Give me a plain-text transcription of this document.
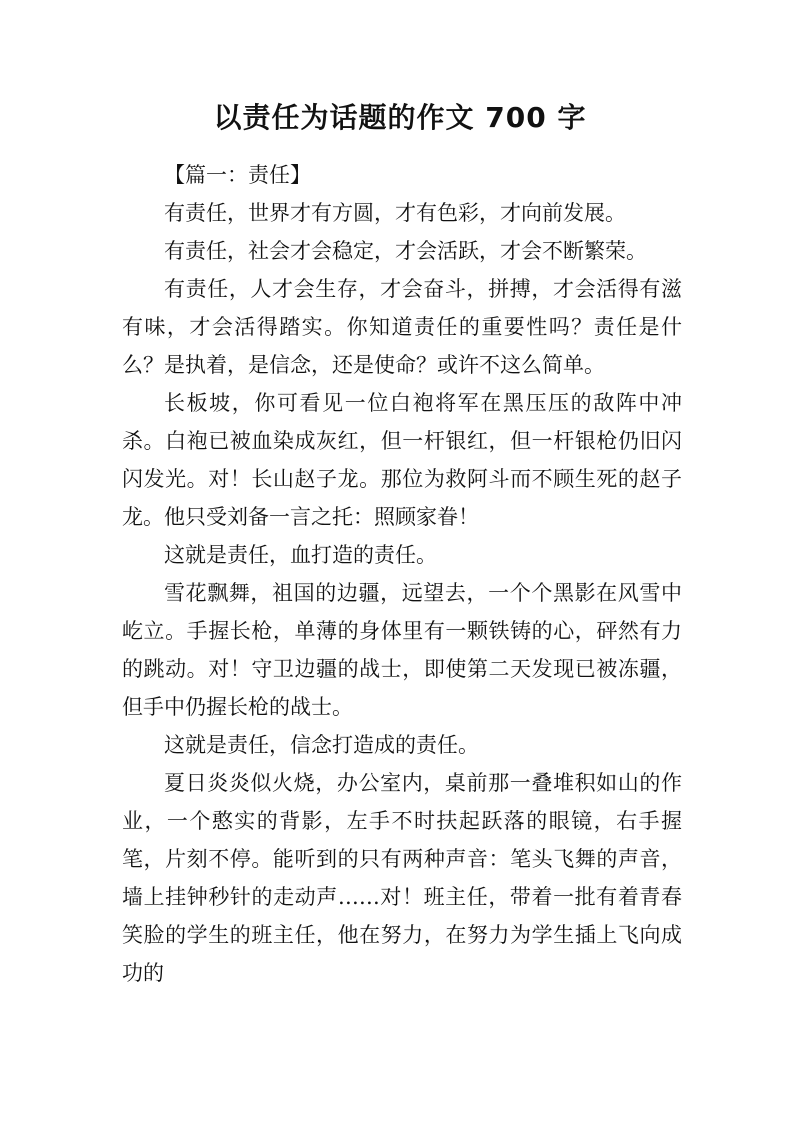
以责任为话题的作文 700 字

【篇一：责任】

有责任，世界才有方圆，才有色彩，才向前发展。

有责任，社会才会稳定，才会活跃，才会不断繁荣。

有责任，人才会生存，才会奋斗，拼搏，才会活得有滋有味，才会活得踏实。你知道责任的重要性吗？责任是什么？是执着，是信念，还是使命？或许不这么简单。

长板坡，你可看见一位白袍将军在黑压压的敌阵中冲杀。白袍已被血染成灰红，但一杆银红，但一杆银枪仍旧闪闪发光。对！长山赵子龙。那位为救阿斗而不顾生死的赵子龙。他只受刘备一言之托：照顾家眷！

这就是责任，血打造的责任。

雪花飘舞，祖国的边疆，远望去，一个个黑影在风雪中屹立。手握长枪，单薄的身体里有一颗铁铸的心，砰然有力的跳动。对！守卫边疆的战士，即使第二天发现已被冻疆，但手中仍握长枪的战士。

这就是责任，信念打造成的责任。

夏日炎炎似火烧，办公室内，桌前那一叠堆积如山的作业，一个憨实的背影，左手不时扶起跃落的眼镜，右手握笔，片刻不停。能听到的只有两种声音：笔头飞舞的声音，墙上挂钟秒针的走动声……对！班主任，带着一批有着青春笑脸的学生的班主任，他在努力，在努力为学生插上飞向成功的
